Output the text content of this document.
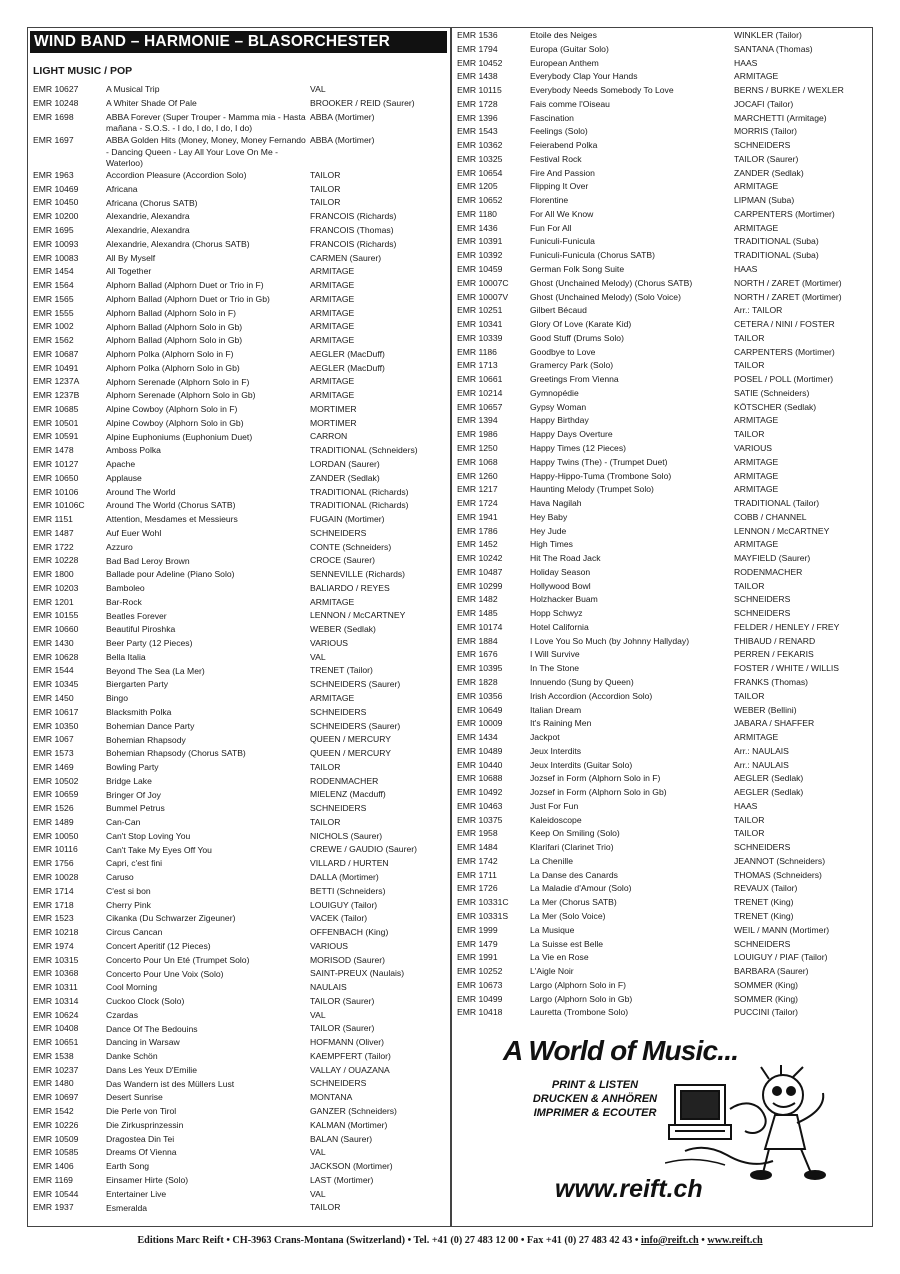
WIND BAND – HARMONIE – BLASORCHESTER
LIGHT MUSIC / POP
EMR 10627	A Musical Trip	VAL
EMR 10248	A Whiter Shade Of Pale	BROOKER / REID (Saurer)
EMR 1698	ABBA Forever (Super Trouper - Mamma mia - Hasta mañana - S.O.S. - I do, I do, I do, I do)
ABBA (Mortimer)
EMR 1697	ABBA Golden Hits (Money, Money, Money Fernando - Dancing Queen - Lay All Your Love On Me - Waterloo)
ABBA (Mortimer)
EMR 1963	Accordion Pleasure (Accordion Solo)	TAILOR
EMR 10469	Africana	TAILOR
EMR 10450	Africana (Chorus SATB)	TAILOR
EMR 10200	Alexandrie, Alexandra	FRANCOIS (Richards)
EMR 1695	Alexandrie, Alexandra	FRANCOIS (Thomas)
EMR 10093	Alexandrie, Alexandra (Chorus SATB)	FRANCOIS (Richards)
EMR 10083	All By Myself	CARMEN (Saurer)
EMR 1454	All Together	ARMITAGE
EMR 1564	Alphorn Ballad (Alphorn Duet or Trio in F)	ARMITAGE
EMR 1565	Alphorn Ballad (Alphorn Duet or Trio in Gb)	ARMITAGE
EMR 1555	Alphorn Ballad (Alphorn Solo in F)	ARMITAGE
EMR 1002	Alphorn Ballad (Alphorn Solo in Gb)	ARMITAGE
EMR 1562	Alphorn Ballad (Alphorn Solo in Gb)	ARMITAGE
EMR 10687	Alphorn Polka (Alphorn Solo in F)	AEGLER (MacDuff)
EMR 10491	Alphorn Polka (Alphorn Solo in Gb)	AEGLER (MacDuff)
EMR 1237A	Alphorn Serenade (Alphorn Solo in F)	ARMITAGE
EMR 1237B	Alphorn Serenade (Alphorn Solo in Gb)	ARMITAGE
EMR 10685	Alpine Cowboy (Alphorn Solo in F)	MORTIMER
EMR 10501	Alpine Cowboy (Alphorn Solo in Gb)	MORTIMER
EMR 10591	Alpine Euphoniums (Euphonium Duet)	CARRON
EMR 1478	Amboss Polka	TRADITIONAL (Schneiders)
EMR 10127	Apache	LORDAN (Saurer)
EMR 10650	Applause	ZANDER (Sedlak)
EMR 10106	Around The World	TRADITIONAL (Richards)
EMR 10106C	Around The World (Chorus SATB)	TRADITIONAL (Richards)
EMR 1151	Attention, Mesdames et Messieurs	FUGAIN (Mortimer)
EMR 1487	Auf Euer Wohl	SCHNEIDERS
EMR 1722	Azzuro	CONTE (Schneiders)
EMR 10228	Bad Bad Leroy Brown	CROCE (Saurer)
EMR 1800	Ballade pour Adeline (Piano Solo)	SENNEVILLE (Richards)
EMR 10203	Bamboleo	BALIARDO / REYES
EMR 1201	Bar-Rock	ARMITAGE
EMR 10155	Beatles Forever	LENNON / McCARTNEY
EMR 10660	Beautiful Piroshka	WEBER (Sedlak)
EMR 1430	Beer Party (12 Pieces)	VARIOUS
EMR 10628	Bella Italia	VAL
EMR 1544	Beyond The Sea (La Mer)	TRENET (Tailor)
EMR 10345	Biergarten Party	SCHNEIDERS (Saurer)
EMR 1450	Bingo	ARMITAGE
EMR 10617	Blacksmith Polka	SCHNEIDERS
EMR 10350	Bohemian Dance Party	SCHNEIDERS (Saurer)
EMR 1067	Bohemian Rhapsody	QUEEN / MERCURY
EMR 1573	Bohemian Rhapsody (Chorus SATB)	QUEEN / MERCURY
EMR 1469	Bowling Party	TAILOR
EMR 10502	Bridge Lake	RODENMACHER
EMR 10659	Bringer Of Joy	MIELENZ (Macduff)
EMR 1526	Bummel Petrus	SCHNEIDERS
EMR 1489	Can-Can	TAILOR
EMR 10050	Can't Stop Loving You	NICHOLS (Saurer)
EMR 10116	Can't Take My Eyes Off You	CREWE / GAUDIO (Saurer)
EMR 1756	Capri, c'est fini	VILLARD / HURTEN
EMR 10028	Caruso	DALLA (Mortimer)
EMR 1714	C'est si bon	BETTI (Schneiders)
EMR 1718	Cherry Pink	LOUIGUY (Tailor)
EMR 1523	Cikanka (Du Schwarzer Zigeuner)	VACEK (Tailor)
EMR 10218	Circus Cancan	OFFENBACH (King)
EMR 1974	Concert Aperitif (12 Pieces)	VARIOUS
EMR 10315	Concerto Pour Un Eté (Trumpet Solo)	MORISOD (Saurer)
EMR 10368	Concerto Pour Une Voix (Solo)	SAINT-PREUX (Naulais)
EMR 10311	Cool Morning	NAULAIS
EMR 10314	Cuckoo Clock (Solo)	TAILOR (Saurer)
EMR 10624	Czardas	VAL
EMR 10408	Dance Of The Bedouins	TAILOR (Saurer)
EMR 10651	Dancing in Warsaw	HOFMANN (Oliver)
EMR 1538	Danke Schön	KAEMPFERT (Tailor)
EMR 10237	Dans Les Yeux D'Emilie	VALLAY / OUAZANA
EMR 1480	Das Wandern ist des Müllers Lust	SCHNEIDERS
EMR 10697	Desert Sunrise	MONTANA
EMR 1542	Die Perle von Tirol	GANZER (Schneiders)
EMR 10226	Die Zirkusprinzessin	KALMAN (Mortimer)
EMR 10509	Dragostea Din Tei	BALAN (Saurer)
EMR 10585	Dreams Of Vienna	VAL
EMR 1406	Earth Song	JACKSON (Mortimer)
EMR 1169	Einsamer Hirte (Solo)	LAST (Mortimer)
EMR 10544	Entertainer Live	VAL
EMR 1937	Esmeralda	TAILOR
EMR 1536	Etoile des Neiges	WINKLER (Tailor)
EMR 1794	Europa (Guitar Solo)	SANTANA (Thomas)
EMR 10452	European Anthem	HAAS
EMR 1438	Everybody Clap Your Hands	ARMITAGE
EMR 10115	Everybody Needs Somebody To Love	BERNS / BURKE / WEXLER
EMR 1728	Fais comme l'Oiseau	JOCAFI (Tailor)
EMR 1396	Fascination	MARCHETTI (Armitage)
EMR 1543	Feelings (Solo)	MORRIS (Tailor)
EMR 10362	Feierabend Polka	SCHNEIDERS
EMR 10325	Festival Rock	TAILOR (Saurer)
EMR 10654	Fire And Passion	ZANDER (Sedlak)
EMR 1205	Flipping It Over	ARMITAGE
EMR 10652	Florentine	LIPMAN (Suba)
EMR 1180	For All We Know	CARPENTERS (Mortimer)
EMR 1436	Fun For All	ARMITAGE
EMR 10391	Funiculi-Funicula	TRADITIONAL (Suba)
EMR 10392	Funiculi-Funicula (Chorus SATB)	TRADITIONAL (Suba)
EMR 10459	German Folk Song Suite	HAAS
EMR 10007C	Ghost (Unchained Melody) (Chorus SATB)	NORTH / ZARET (Mortimer)
EMR 10007V	Ghost (Unchained Melody) (Solo Voice)	NORTH / ZARET (Mortimer)
EMR 10251	Gilbert Bécaud	Arr.: TAILOR
EMR 10341	Glory Of Love (Karate Kid)	CETERA / NINI / FOSTER
EMR 10339	Good Stuff (Drums Solo)	TAILOR
EMR 1186	Goodbye to Love	CARPENTERS (Mortimer)
EMR 1713	Gramercy Park (Solo)	TAILOR
EMR 10661	Greetings From Vienna	POSEL / POLL (Mortimer)
EMR 10214	Gymnopédie	SATIE (Schneiders)
EMR 10657	Gypsy Woman	KÖTSCHER (Sedlak)
EMR 1394	Happy Birthday	ARMITAGE
EMR 1986	Happy Days Overture	TAILOR
EMR 1250	Happy Times (12 Pieces)	VARIOUS
EMR 1068	Happy Twins (The) - (Trumpet Duet)	ARMITAGE
EMR 1260	Happy-Hippo-Tuma (Trombone Solo)	ARMITAGE
EMR 1217	Haunting Melody (Trumpet Solo)	ARMITAGE
EMR 1724	Hava Nagilah	TRADITIONAL (Tailor)
EMR 1941	Hey Baby	COBB / CHANNEL
EMR 1786	Hey Jude	LENNON / McCARTNEY
EMR 1452	High Times	ARMITAGE
EMR 10242	Hit The Road Jack	MAYFIELD (Saurer)
EMR 10487	Holiday Season	RODENMACHER
EMR 10299	Hollywood Bowl	TAILOR
EMR 1482	Holzhacker Buam	SCHNEIDERS
EMR 1485	Hopp Schwyz	SCHNEIDERS
EMR 10174	Hotel California	FELDER / HENLEY / FREY
EMR 1884	I Love You So Much (by Johnny Hallyday)	THIBAUD / RENARD
EMR 1676	I Will Survive	PERREN / FEKARIS
EMR 10395	In The Stone	FOSTER / WHITE / WILLIS
EMR 1828	Innuendo (Sung by Queen)	FRANKS (Thomas)
EMR 10356	Irish Accordion (Accordion Solo)	TAILOR
EMR 10649	Italian Dream	WEBER (Bellini)
EMR 10009	It's Raining Men	JABARA / SHAFFER
EMR 1434	Jackpot	ARMITAGE
EMR 10489	Jeux Interdits	Arr.: NAULAIS
EMR 10440	Jeux Interdits (Guitar Solo)	Arr.: NAULAIS
EMR 10688	Jozsef in Form (Alphorn Solo in F)	AEGLER (Sedlak)
EMR 10492	Jozsef in Form (Alphorn Solo in Gb)	AEGLER (Sedlak)
EMR 10463	Just For Fun	HAAS
EMR 10375	Kaleidoscope	TAILOR
EMR 1958	Keep On Smiling (Solo)	TAILOR
EMR 1484	Klarifari (Clarinet Trio)	SCHNEIDERS
EMR 1742	La Chenille	JEANNOT (Schneiders)
EMR 1711	La Danse des Canards	THOMAS (Schneiders)
EMR 1726	La Maladie d'Amour (Solo)	REVAUX (Tailor)
EMR 10331C	La Mer (Chorus SATB)	TRENET (King)
EMR 10331S	La Mer (Solo Voice)	TRENET (King)
EMR 1999	La Musique	WEIL / MANN (Mortimer)
EMR 1479	La Suisse est Belle	SCHNEIDERS
EMR 1991	La Vie en Rose	LOUIGUY / PIAF (Tailor)
EMR 10252	L'Aigle Noir	BARBARA (Saurer)
EMR 10673	Largo (Alphorn Solo in F)	SOMMER (King)
EMR 10499	Largo (Alphorn Solo in Gb)	SOMMER (King)
EMR 10418	Lauretta (Trombone Solo)	PUCCINI (Tailor)
A World of Music...
PRINT & LISTEN
DRUCKEN & ANHÖREN
IMPRIMER & ECOUTER
www.reift.ch
Editions Marc Reift • CH-3963 Crans-Montana (Switzerland) • Tel. +41 (0) 27 483 12 00 • Fax +41 (0) 27 483 42 43 • info@reift.ch • www.reift.ch
